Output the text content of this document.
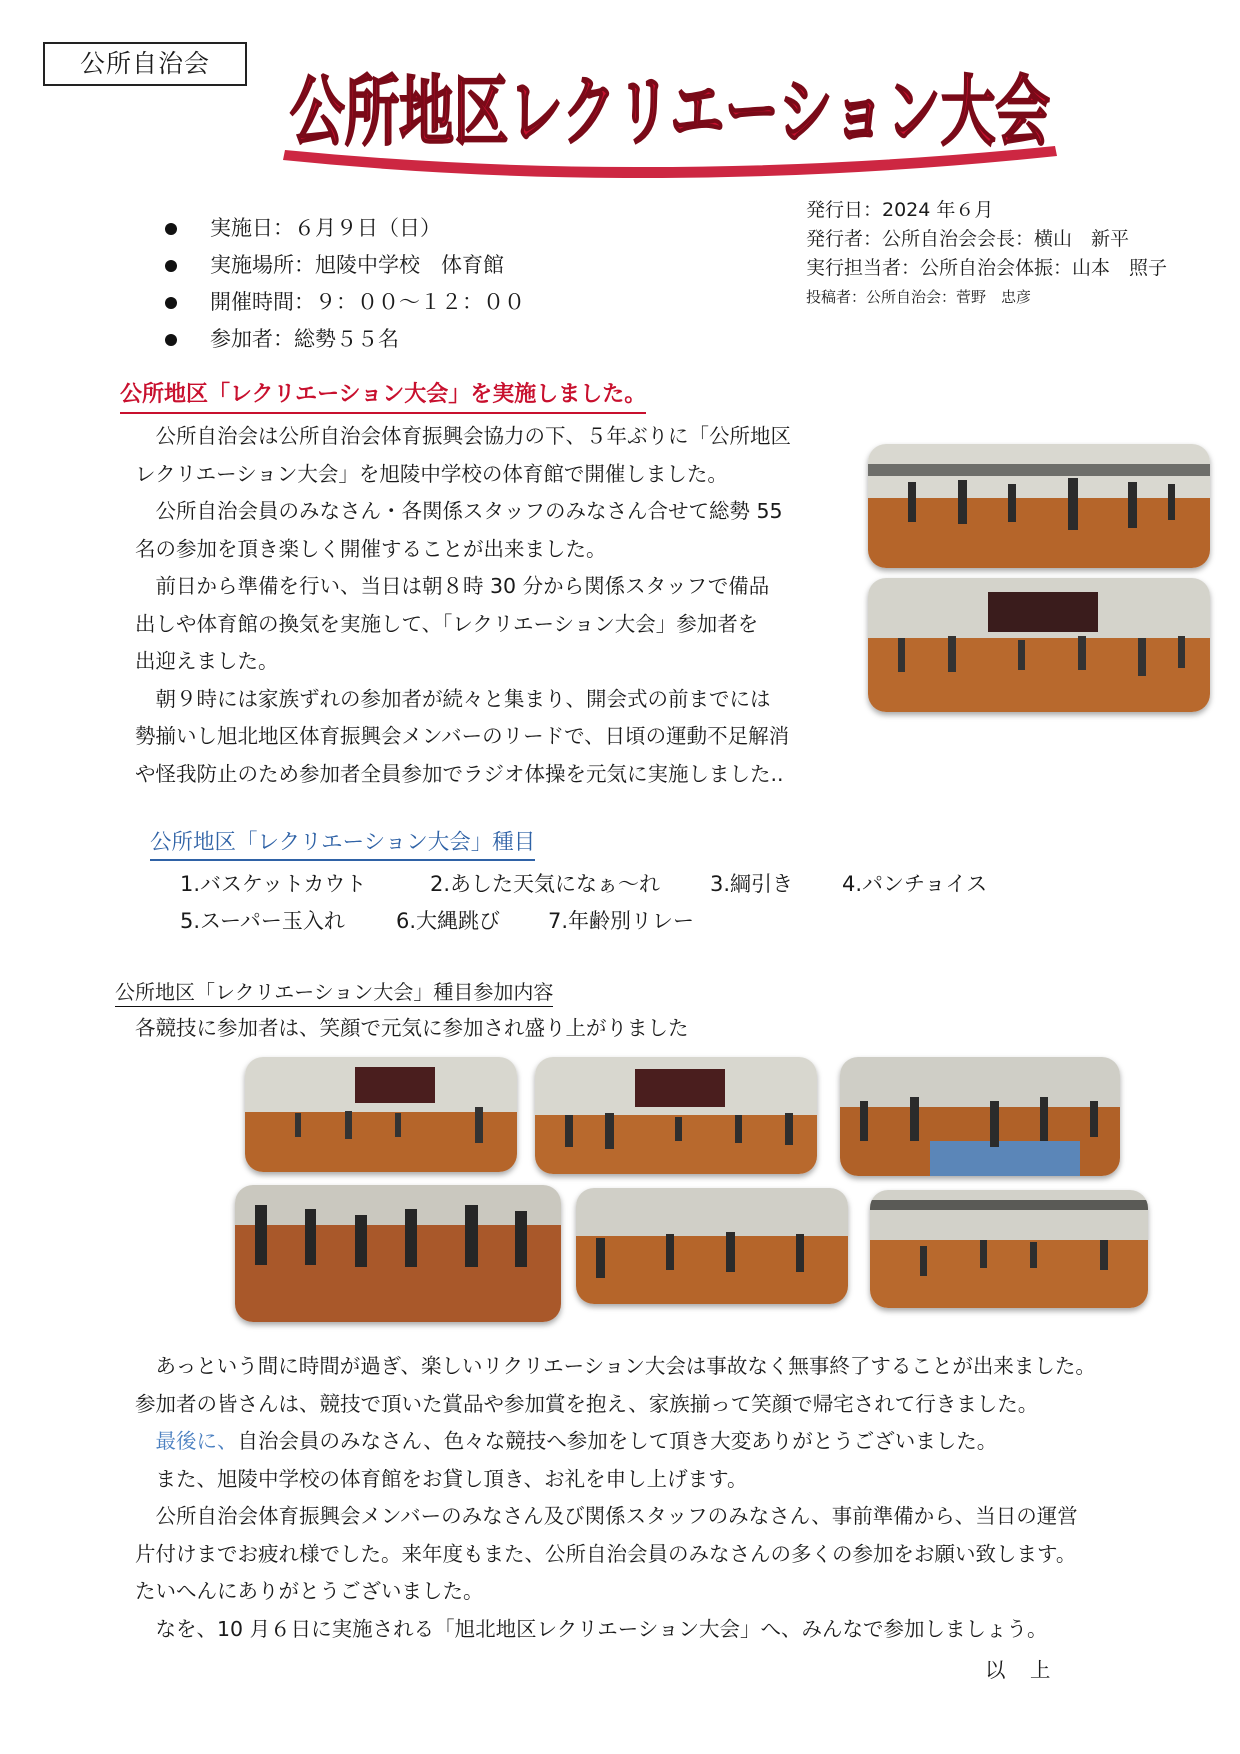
公所自治会
公所地区レクリエーション大会
実施日：６月９日（日）
実施場所：旭陵中学校　体育館
開催時間：９：００～１２：００
参加者：総勢５５名
発行日：2024 年６月
発行者：公所自治会会長：横山　新平
実行担当者：公所自治会体振：山本　照子
投稿者：公所自治会：菅野　忠彦
公所地区「レクリエーション大会」を実施しました。

公所自治会は公所自治会体育振興会協力の下、５年ぶりに「公所地区

レクリエーション大会」を旭陵中学校の体育館で開催しました。

公所自治会員のみなさん・各関係スタッフのみなさん合せて総勢 55

名の参加を頂き楽しく開催することが出来ました。

前日から準備を行い、当日は朝８時 30 分から関係スタッフで備品

出しや体育館の換気を実施して、「レクリエーション大会」参加者を

出迎えました。

朝９時には家族ずれの参加者が続々と集まり、開会式の前までには

勢揃いし旭北地区体育振興会メンバーのリードで、日頃の運動不足解消

や怪我防止のため参加者全員参加でラジオ体操を元気に実施しました..

公所地区「レクリエーション大会」種目
1.バスケットカウト	2.あした天気になぁ～れ 3.綱引き 4.パンチョイス
5.スーパー玉入れ 6.大縄跳び 7.年齢別リレー
公所地区「レクリエーション大会」種目参加内容
各競技に参加者は、笑顔で元気に参加され盛り上がりました

あっという間に時間が過ぎ、楽しいリクリエーション大会は事故なく無事終了することが出来ました。

参加者の皆さんは、競技で頂いた賞品や参加賞を抱え、家族揃って笑顔で帰宅されて行きました。

最後に、自治会員のみなさん、色々な競技へ参加をして頂き大変ありがとうございました。

また、旭陵中学校の体育館をお貸し頂き、お礼を申し上げます。

公所自治会体育振興会メンバーのみなさん及び関係スタッフのみなさん、事前準備から、当日の運営

片付けまでお疲れ様でした。来年度もまた、公所自治会員のみなさんの多くの参加をお願い致します。

たいへんにありがとうございました。

なを、10 月６日に実施される「旭北地区レクリエーション大会」へ、みんなで参加しましょう。

以　上
